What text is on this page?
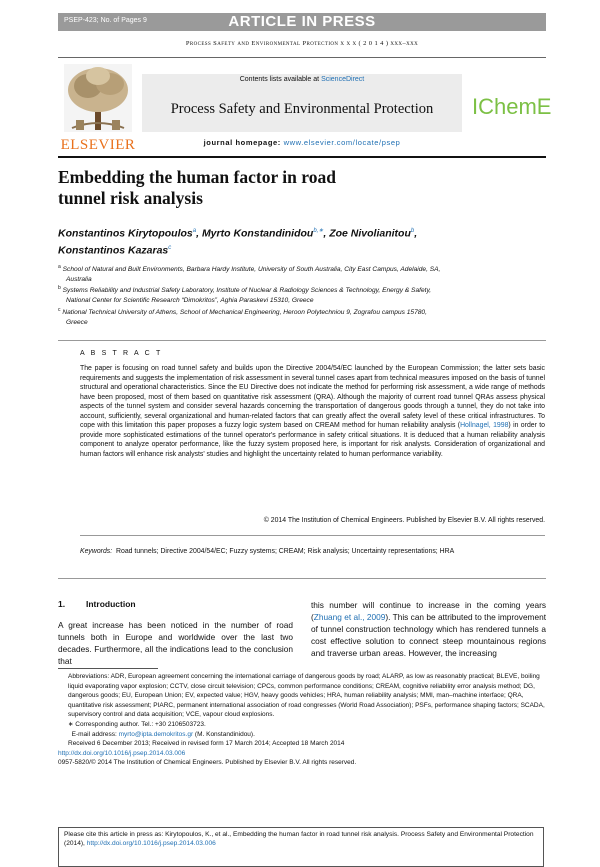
PSEP-423; No. of Pages 9	ARTICLE IN PRESS
Process Safety and Environmental Protection x x x ( 2 0 1 4 ) xxx–xxx
ELSEVIER
Contents lists available at ScienceDirect
Process Safety and Environmental Protection
journal homepage: www.elsevier.com/locate/psep
IChemE
Embedding the human factor in road
tunnel risk analysis
Konstantinos Kirytopoulos$^a$, Myrto Konstandinidou$^{b,∗}$, Zoe Nivolianitou$^b$,
Konstantinos Kazaras$^c$
$^a$ School of Natural and Built Environments, Barbara Hardy Institute, University of South Australia, City East Campus, Adelaide, SA, Australia
$^b$ Systems Reliability and Industrial Safety Laboratory, Institute of Nuclear & Radiology Sciences & Technology, Energy & Safety, National Center for Scientific Research “Dimokritos”, Aghia Paraskevi 15310, Greece
$^c$ National Technical University of Athens, School of Mechanical Engineering, Heroon Polytechniou 9, Zografou campus 15780, Greece
A B S T R A C T
The paper is focusing on road tunnel safety and builds upon the Directive 2004/54/EC launched by the European Commission; the latter sets basic requirements and suggests the implementation of risk assessment in several tunnel cases apart from technical measures imposed on the basis of tunnel structural and operational characteristics. Since the EU Directive does not indicate the method for performing risk assessment, a wide range of methods have been proposed, most of them based on quantitative risk assessment (QRA). Although the majority of current road tunnel QRAs assess physical aspects of the tunnel system and consider several hazards concerning the transportation of dangerous goods through a tunnel, they do not take into account, sufficiently, several organizational and human-related factors that can greatly affect the overall safety level of these critical infrastructures. To cope with this limitation this paper proposes a fuzzy logic system based on CREAM method for human reliability analysis (Hollnagel, 1998) in order to provide more sophisticated estimations of the tunnel operator's performance in safety critical situations. It is deduced that a human reliability analysis component to analyze operator performance, like the fuzzy system proposed here, is important for risk analysts. Consideration of organizational and human factors will enhance risk analysts' studies and highlight the uncertainty related to human performance variability.
© 2014 The Institution of Chemical Engineers. Published by Elsevier B.V. All rights reserved.
Keywords: Road tunnels; Directive 2004/54/EC; Fuzzy systems; CREAM; Risk analysis; Uncertainty representations; HRA
1. Introduction
A great increase has been noticed in the number of road tunnels both in Europe and worldwide over the last two decades. Furthermore, all the indications lead to the conclusion that
this number will continue to increase in the coming years (Zhuang et al., 2009). This can be attributed to the improvement of tunnel construction technology which has rendered tunnels a cost effective solution to connect steep mountainous regions and traverse urban areas. However, the increasing

Abbreviations: ADR, European agreement concerning the international carriage of dangerous goods by road; ALARP, as low as reasonably practical; BLEVE, boiling liquid evaporating vapor explosion; CCTV, close circuit television; CPCs, common performance conditions; CREAM, cognitive reliability error analysis method; DG, dangerous goods; EU, European Union; EV, expected value; HGV, heavy goods vehicles; HRA, human reliability analysis; MMI, man–machine interface; QRA, quantitative risk assessment; PIARC, permanent international association of road congresses (World Road Association); PSFs, performance shaping factors; SCADA, supervisory control and data acquisition; VCE, vapour cloud explosions.

∗ Corresponding author. Tel.: +30 2106503723.

E-mail address: myrto@ipta.demokritos.gr (M. Konstandinidou).

Received 6 December 2013; Received in revised form 17 March 2014; Accepted 18 March 2014

http://dx.doi.org/10.1016/j.psep.2014.03.006

0957-5820/© 2014 The Institution of Chemical Engineers. Published by Elsevier B.V. All rights reserved.

Please cite this article in press as: Kirytopoulos, K., et al., Embedding the human factor in road tunnel risk analysis. Process Safety and Environmental Protection (2014), http://dx.doi.org/10.1016/j.psep.2014.03.006
